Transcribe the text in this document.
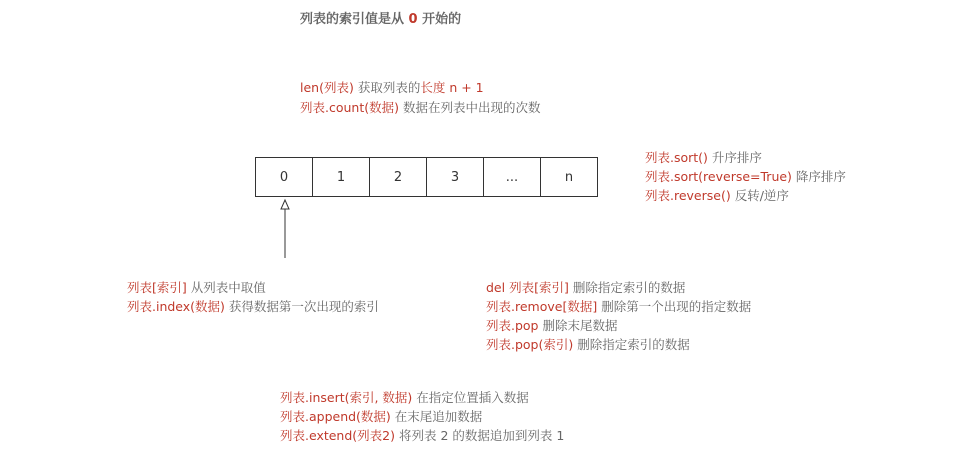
列表的索引值是从 0 开始的
len(列表) 获取列表的长度 n + 1
列表.count(数据) 数据在列表中出现的次数
0	1	2	3	...	n
列表.sort() 升序排序
列表.sort(reverse=True) 降序排序
列表.reverse() 反转/逆序
列表[索引] 从列表中取值
列表.index(数据) 获得数据第一次出现的索引
del 列表[索引] 删除指定索引的数据
列表.remove[数据] 删除第一个出现的指定数据
列表.pop 删除末尾数据
列表.pop(索引) 删除指定索引的数据
列表.insert(索引, 数据) 在指定位置插入数据
列表.append(数据) 在末尾追加数据
列表.extend(列表2) 将列表 2 的数据追加到列表 1
